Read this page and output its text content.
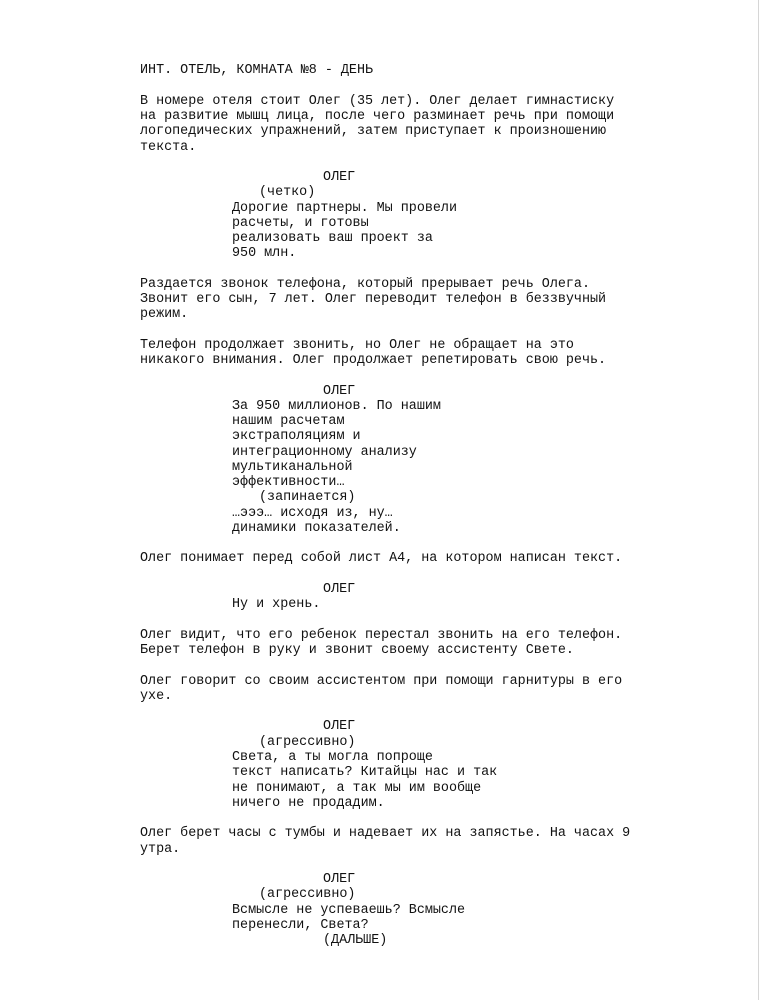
ИНТ. ОТЕЛЬ, КОМНАТА №8 - ДЕНЬ
В номере отеля стоит Олег (35 лет). Олег делает гимнастиску
на развитие мышц лица, после чего разминает речь при помощи
логопедических упражнений, затем приступает к произношению
текста.
ОЛЕГ
(четко)
Дорогие партнеры. Мы провели
расчеты, и готовы
реализовать ваш проект за
950 млн.
Раздается звонок телефона, который прерывает речь Олега.
Звонит его сын, 7 лет. Олег переводит телефон в беззвучный
режим.
Телефон продолжает звонить, но Олег не обращает на это
никакого внимания. Олег продолжает репетировать свою речь.
ОЛЕГ
За 950 миллионов. По нашим
нашим расчетам
экстраполяциям и
интеграционному анализу
мультиканальной
эффективности…
(запинается)
…эээ… исходя из, ну…
динамики показателей.
Олег понимает перед собой лист А4, на котором написан текст.
ОЛЕГ
Ну и хрень.
Олег видит, что его ребенок перестал звонить на его телефон.
Берет телефон в руку и звонит своему ассистенту Свете.
Олег говорит со своим ассистентом при помощи гарнитуры в его
ухе.
ОЛЕГ
(агрессивно)
Света, а ты могла попроще
текст написать? Китайцы нас и так
не понимают, а так мы им вообще
ничего не продадим.
Олег берет часы с тумбы и надевает их на запястье. На часах 9
утра.
ОЛЕГ
(агрессивно)
Всмысле не успеваешь? Всмысле
перенесли, Света?
(ДАЛЬШЕ)
